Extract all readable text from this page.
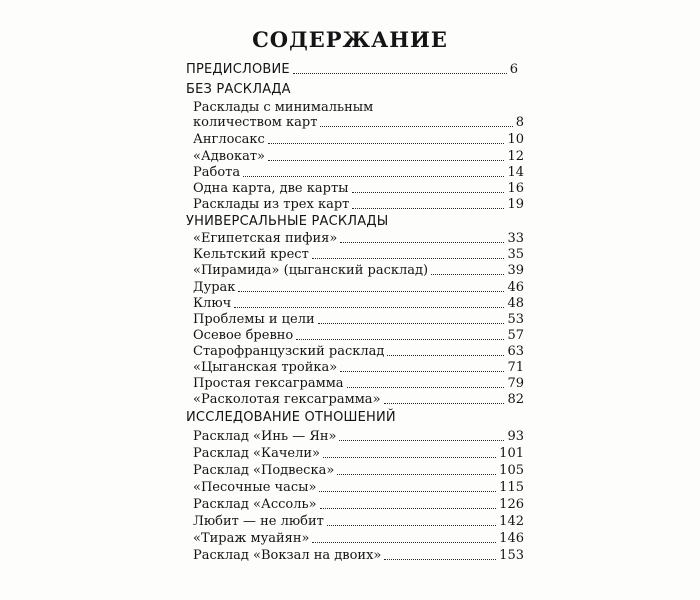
СОДЕРЖАНИЕ
ПРЕДИСЛОВИЕ	6
БЕЗ РАСКЛАДА
Расклады с минимальным
количеством карт	8
Англосакс	10
«Адвокат»	12
Работа	14
Одна карта, две карты	16
Расклады из трех карт	19
УНИВЕРСАЛЬНЫЕ РАСКЛАДЫ
«Египетская пифия»	33
Кельтский крест	35
«Пирамида» (цыганский расклад)	39
Дурак	46
Ключ	48
Проблемы и цели	53
Осевое бревно	57
Старофранцузский расклад	63
«Цыганская тройка»	71
Простая гексаграмма	79
«Расколотая гексаграмма»	82
ИССЛЕДОВАНИЕ ОТНОШЕНИЙ
Расклад «Инь — Ян»	93
Расклад «Качели»	101
Расклад «Подвеска»	105
«Песочные часы»	115
Расклад «Ассоль»	126
Любит — не любит	142
«Тираж муайян»	146
Расклад «Вокзал на двоих»	153
